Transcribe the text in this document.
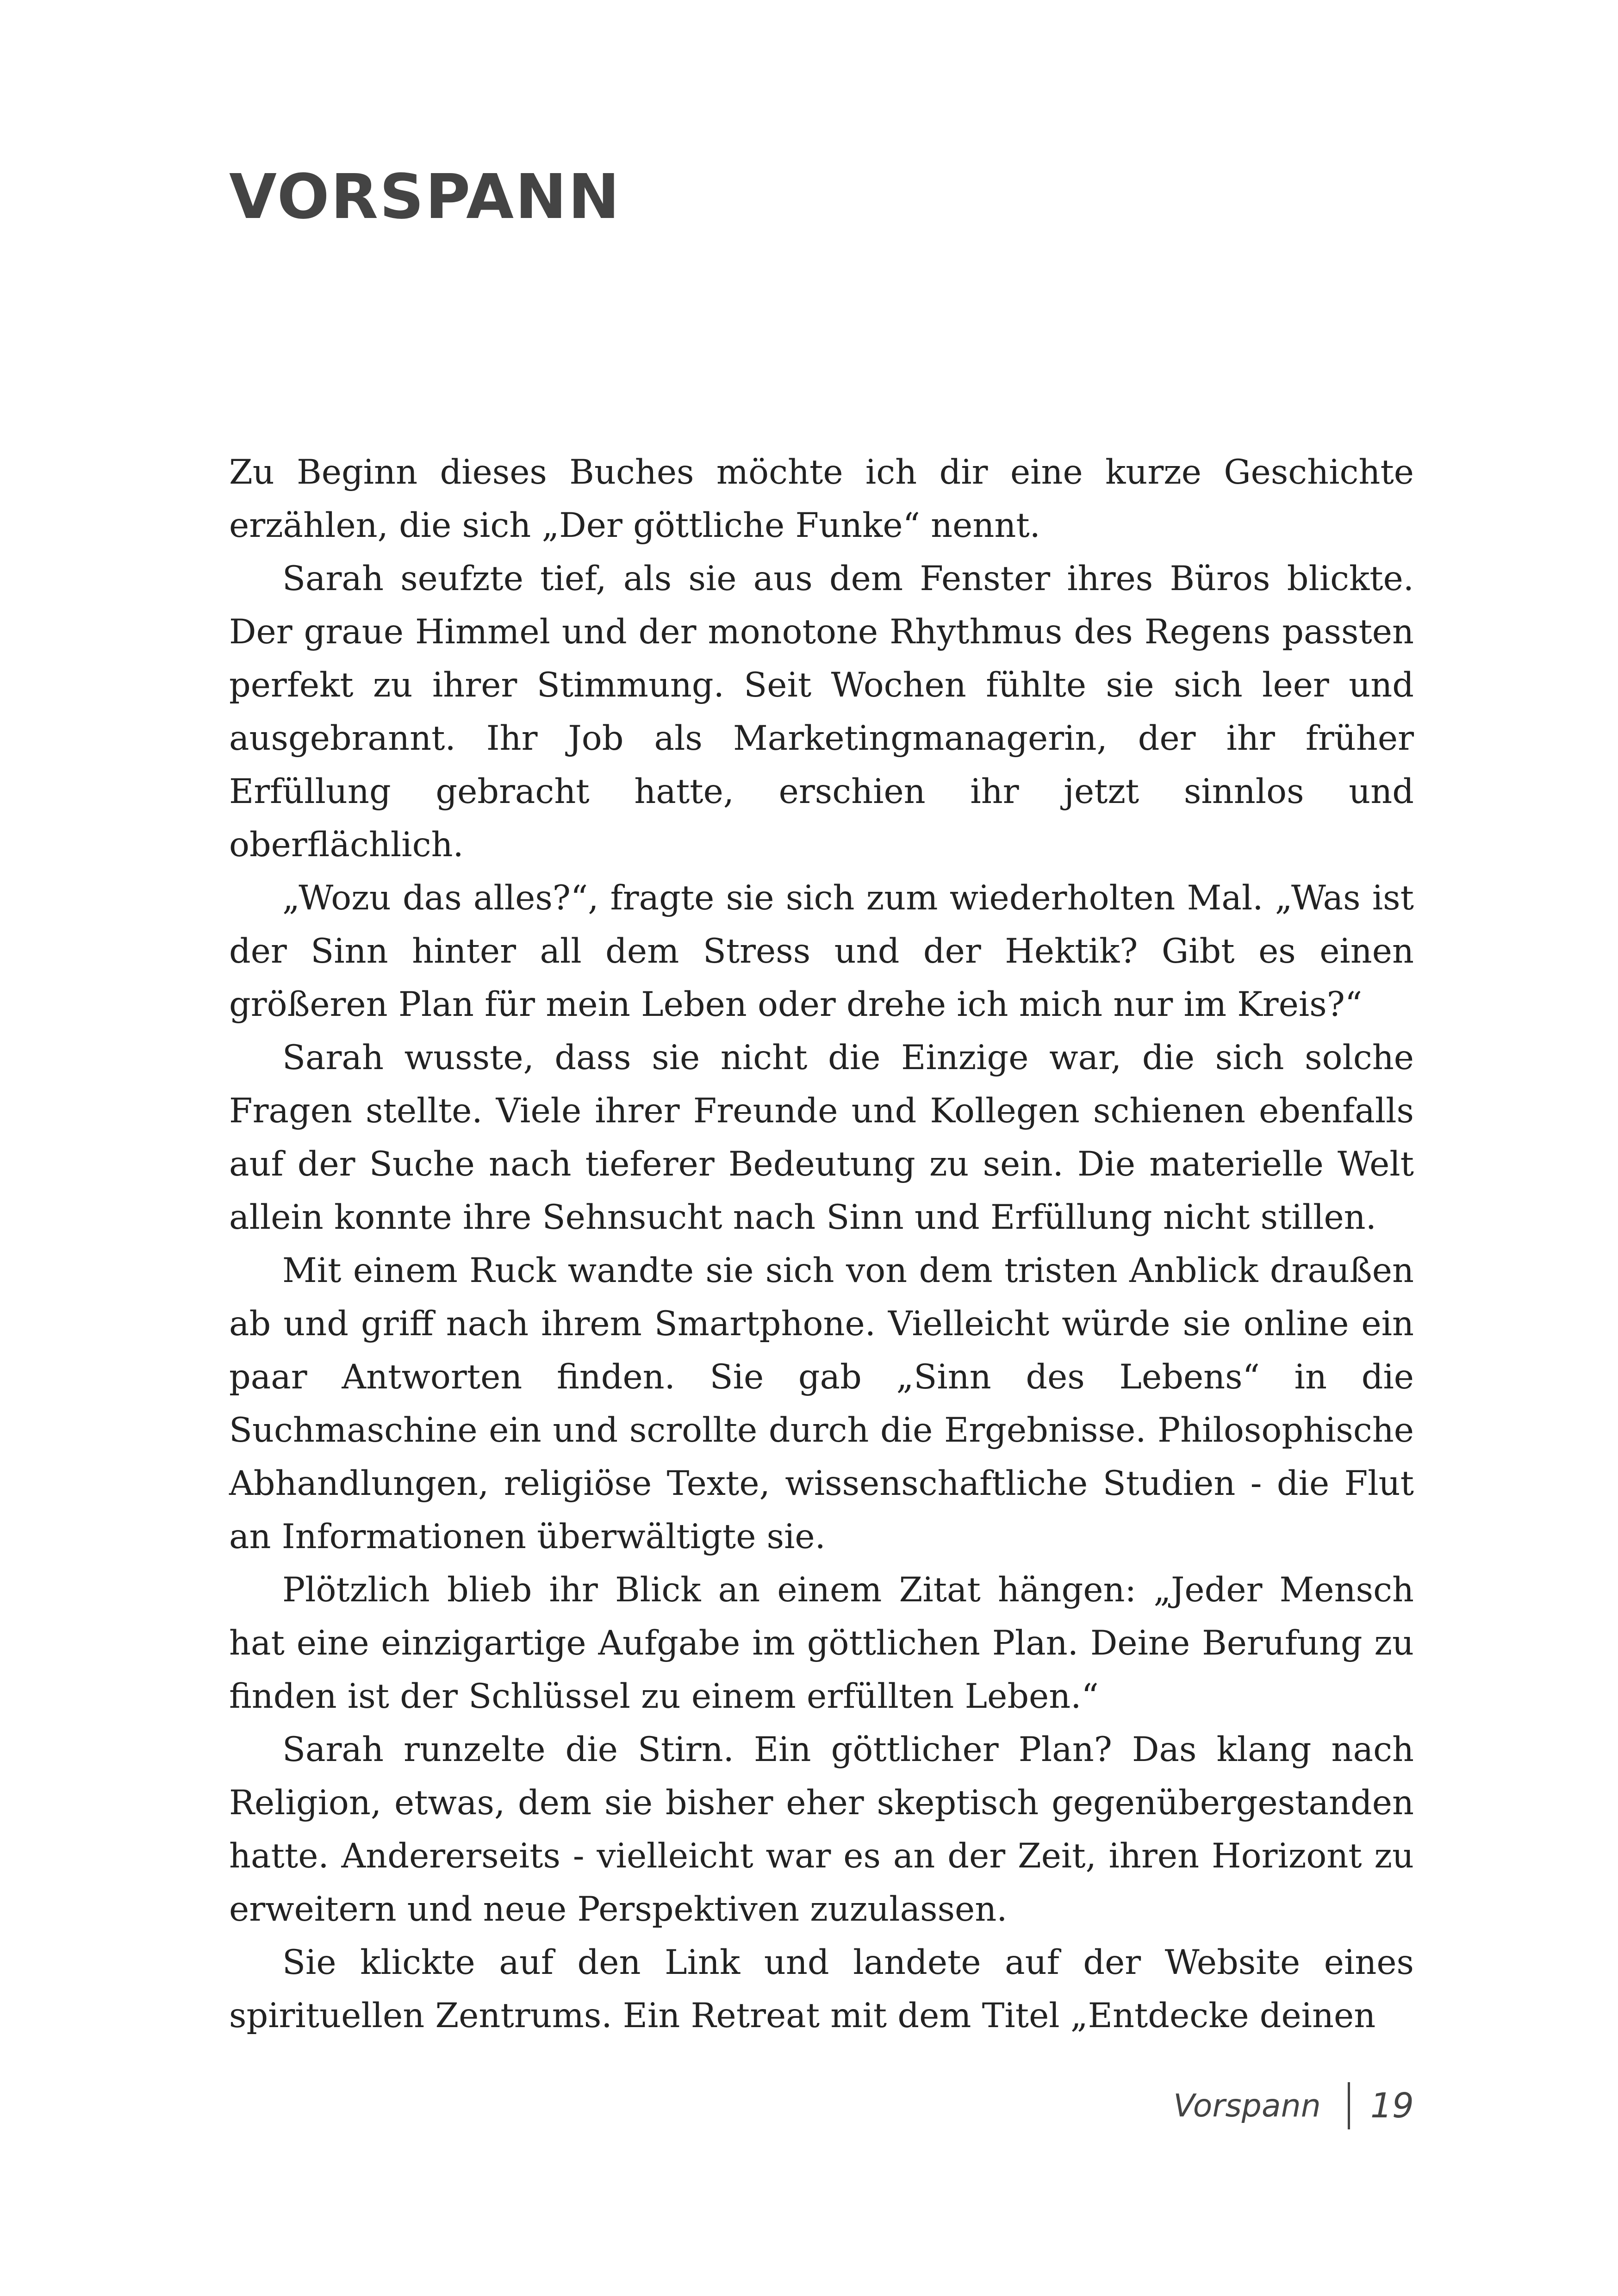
VORSPANN

Zu Beginn dieses Buches möchte ich dir eine kurze Geschichte erzählen, die sich „Der göttliche Funke“ nennt.

Sarah seufzte tief, als sie aus dem Fenster ihres Büros blickte. Der graue Himmel und der monotone Rhythmus des Regens passten perfekt zu ihrer Stimmung. Seit Wochen fühlte sie sich leer und ausgebrannt. Ihr Job als Marketingmanagerin, der ihr früher Erfüllung gebracht hatte, erschien ihr jetzt sinnlos und oberflächlich.

„Wozu das alles?“, fragte sie sich zum wiederholten Mal. „Was ist der Sinn hinter all dem Stress und der Hektik? Gibt es einen größeren Plan für mein Leben oder drehe ich mich nur im Kreis?“

Sarah wusste, dass sie nicht die Einzige war, die sich solche Fragen stellte. Viele ihrer Freunde und Kollegen schienen ebenfalls auf der Suche nach tieferer Bedeutung zu sein. Die materielle Welt allein konnte ihre Sehnsucht nach Sinn und Erfüllung nicht stillen.

Mit einem Ruck wandte sie sich von dem tristen Anblick draußen ab und griff nach ihrem Smartphone. Vielleicht würde sie online ein paar Antworten finden. Sie gab „Sinn des Lebens“ in die Suchmaschine ein und scrollte durch die Ergebnisse. Philosophische Abhandlungen, religiöse Texte, wissenschaftliche Studien - die Flut an Informationen überwältigte sie.

Plötzlich blieb ihr Blick an einem Zitat hängen: „Jeder Mensch hat eine einzigartige Aufgabe im göttlichen Plan. Deine Berufung zu finden ist der Schlüssel zu einem erfüllten Leben.“

Sarah runzelte die Stirn. Ein göttlicher Plan? Das klang nach Religion, etwas, dem sie bisher eher skeptisch gegenübergestanden hatte. Andererseits - vielleicht war es an der Zeit, ihren Horizont zu erweitern und neue Perspektiven zuzulassen.

Sie klickte auf den Link und landete auf der Website eines spirituellen Zentrums. Ein Retreat mit dem Titel „Entdecke deinen

Vorspann 19
